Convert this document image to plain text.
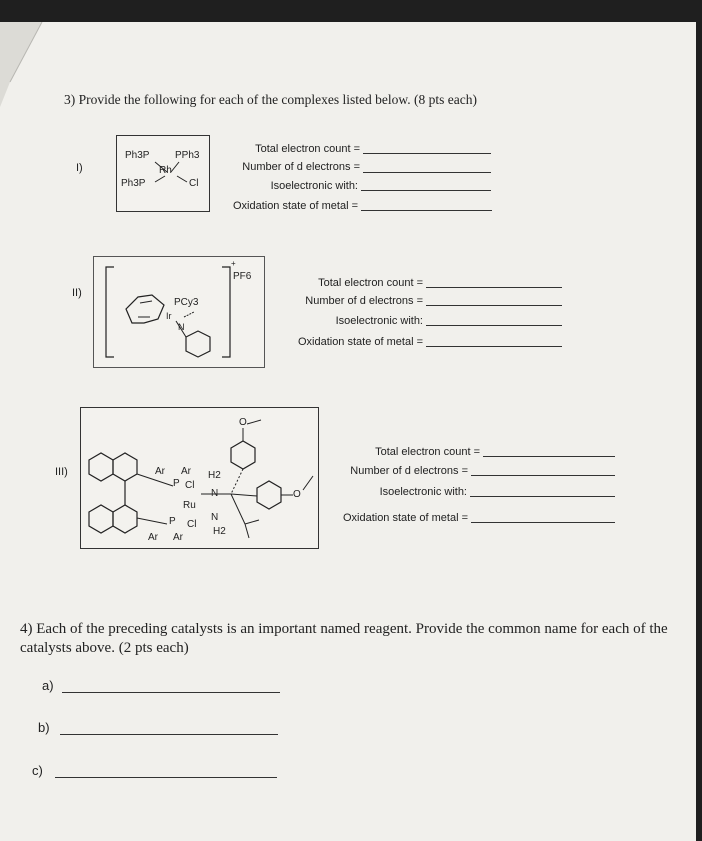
3) Provide the following for each of the complexes listed below. (8 pts each)
I)
Ph3P	PPh3
Rh
Ph3P	Cl
Total electron count =
Number of d electrons =
Isoelectronic with:
Oxidation state of metal =
II)
+
PF6
PCy3
Ir
N
Total electron count =
Number of d electrons =
Isoelectronic with:
Oxidation state of metal =
III)	Ar Ar
P Cl
H2
N
Ru
P Cl
N
Ar Ar
H2
O
O
Total electron count =
Number of d electrons =
Isoelectronic with:
Oxidation state of metal =
4) Each of the preceding catalysts is an important named reagent. Provide the common name for each of the catalysts above. (2 pts each)
a)
b)
c)
